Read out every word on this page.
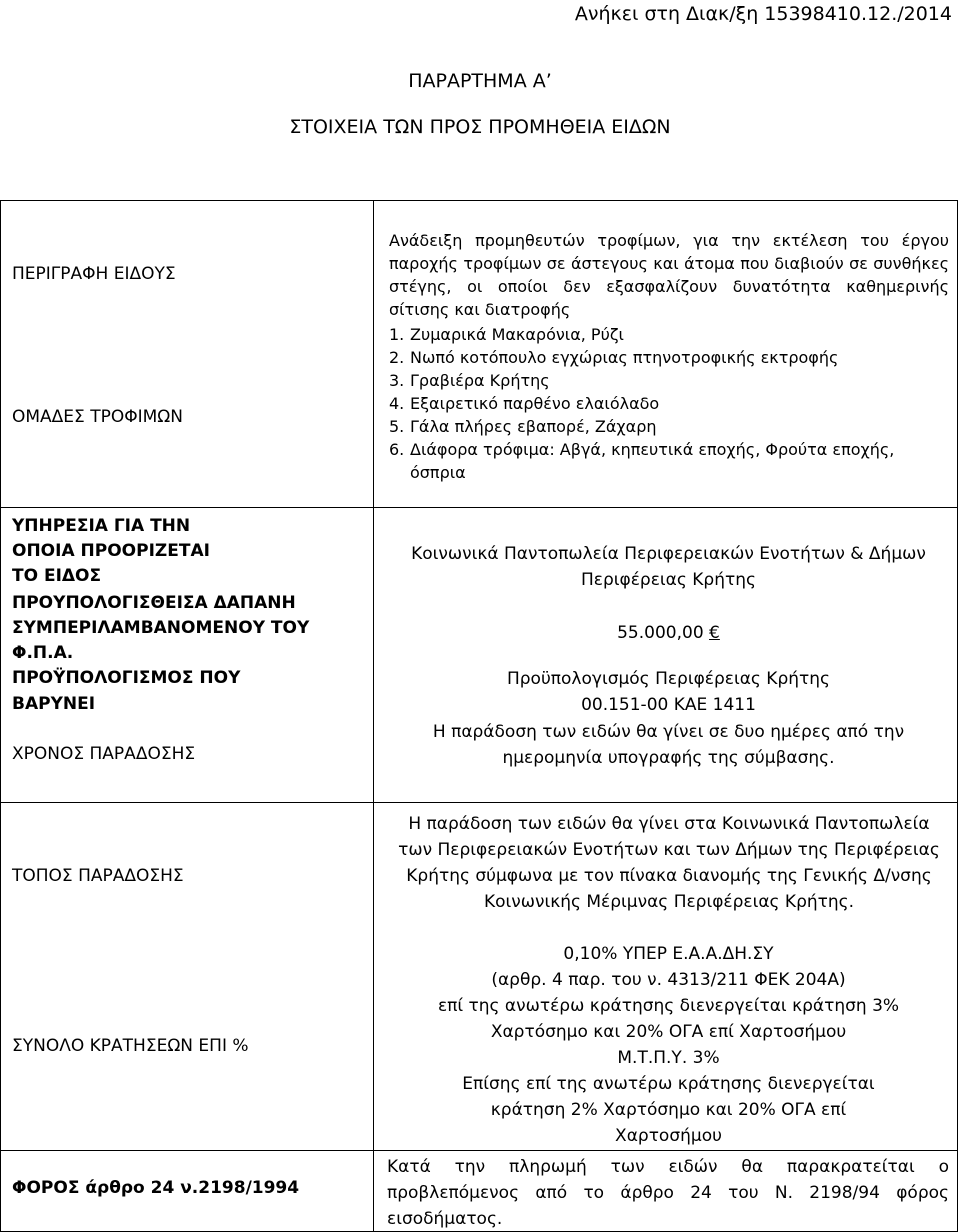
Ανήκει στη Διακ/ξη 15398410.12./2014
ΠΑΡΑΡΤΗΜΑ Α’
ΣΤΟΙΧΕΙΑ ΤΩΝ ΠΡΟΣ ΠΡΟΜΗΘΕΙΑ ΕΙΔΩΝ
ΠΕΡΙΓΡΑΦΗ ΕΙΔΟΥΣ
ΟΜΑΔΕΣ ΤΡΟΦΙΜΩΝ
Ανάδειξη προμηθευτών τροφίμων, για την εκτέλεση του έργου παροχής τροφίμων σε άστεγους και άτομα που διαβιούν σε συνθήκες στέγης, οι οποίοι δεν εξασφαλίζουν δυνατότητα καθημερινής σίτισης και διατροφής
1. Ζυμαρικά Μακαρόνια, Ρύζι
2. Νωπό κοτόπουλο εγχώριας πτηνοτροφικής εκτροφής
3. Γραβιέρα Κρήτης
4. Εξαιρετικό παρθένο ελαιόλαδο
5. Γάλα πλήρες εβαπορέ, Ζάχαρη
6. Διάφορα τρόφιμα: Αβγά, κηπευτικά εποχής, Φρούτα εποχής, όσπρια
ΥΠΗΡΕΣΙΑ ΓΙΑ ΤΗΝ
ΟΠΟΙΑ ΠΡΟΟΡΙΖΕΤΑΙ
ΤΟ ΕΙΔΟΣ
ΠΡΟΥΠΟΛΟΓΙΣΘΕΙΣΑ ΔΑΠΑΝΗ
ΣΥΜΠΕΡΙΛΑΜΒΑΝΟΜΕΝΟΥ ΤΟΥ
Φ.Π.Α.
ΠΡΟΫΠΟΛΟΓΙΣΜΟΣ ΠΟΥ
ΒΑΡΥΝΕΙ
ΧΡΟΝΟΣ ΠΑΡΑΔΟΣΗΣ
Κοινωνικά Παντοπωλεία Περιφερειακών Ενοτήτων & Δήμων Περιφέρειας Κρήτης
55.000,00 €
Προϋπολογισμός Περιφέρειας Κρήτης
00.151-00 ΚΑΕ 1411
Η παράδοση των ειδών θα γίνει σε δυο ημέρες από την ημερομηνία υπογραφής της σύμβασης.
ΤΟΠΟΣ ΠΑΡΑΔΟΣΗΣ
ΣΥΝΟΛΟ ΚΡΑΤΗΣΕΩΝ ΕΠΙ %
ΦΟΡΟΣ άρθρο 24 ν.2198/1994
Η παράδοση των ειδών θα γίνει στα Κοινωνικά Παντοπωλεία των Περιφερειακών Ενοτήτων και των Δήμων της Περιφέρειας Κρήτης σύμφωνα με τον πίνακα διανομής της Γενικής Δ/νσης Κοινωνικής Μέριμνας Περιφέρειας Κρήτης.
0,10% ΥΠΕΡ Ε.Α.Α.ΔΗ.ΣΥ
(αρθρ. 4 παρ. του ν. 4313/211 ΦΕΚ 204Α)
επί της ανωτέρω κράτησης διενεργείται κράτηση 3%
Χαρτόσημο και 20% ΟΓΑ επί Χαρτοσήμου
Μ.Τ.Π.Υ. 3%
Επίσης επί της ανωτέρω κράτησης διενεργείται
κράτηση 2% Χαρτόσημο και 20% ΟΓΑ επί
Χαρτοσήμου
Κατά την πληρωμή των ειδών θα παρακρατείται ο προβλεπόμενος από το άρθρο 24 του Ν. 2198/94 φόρος εισοδήματος.
